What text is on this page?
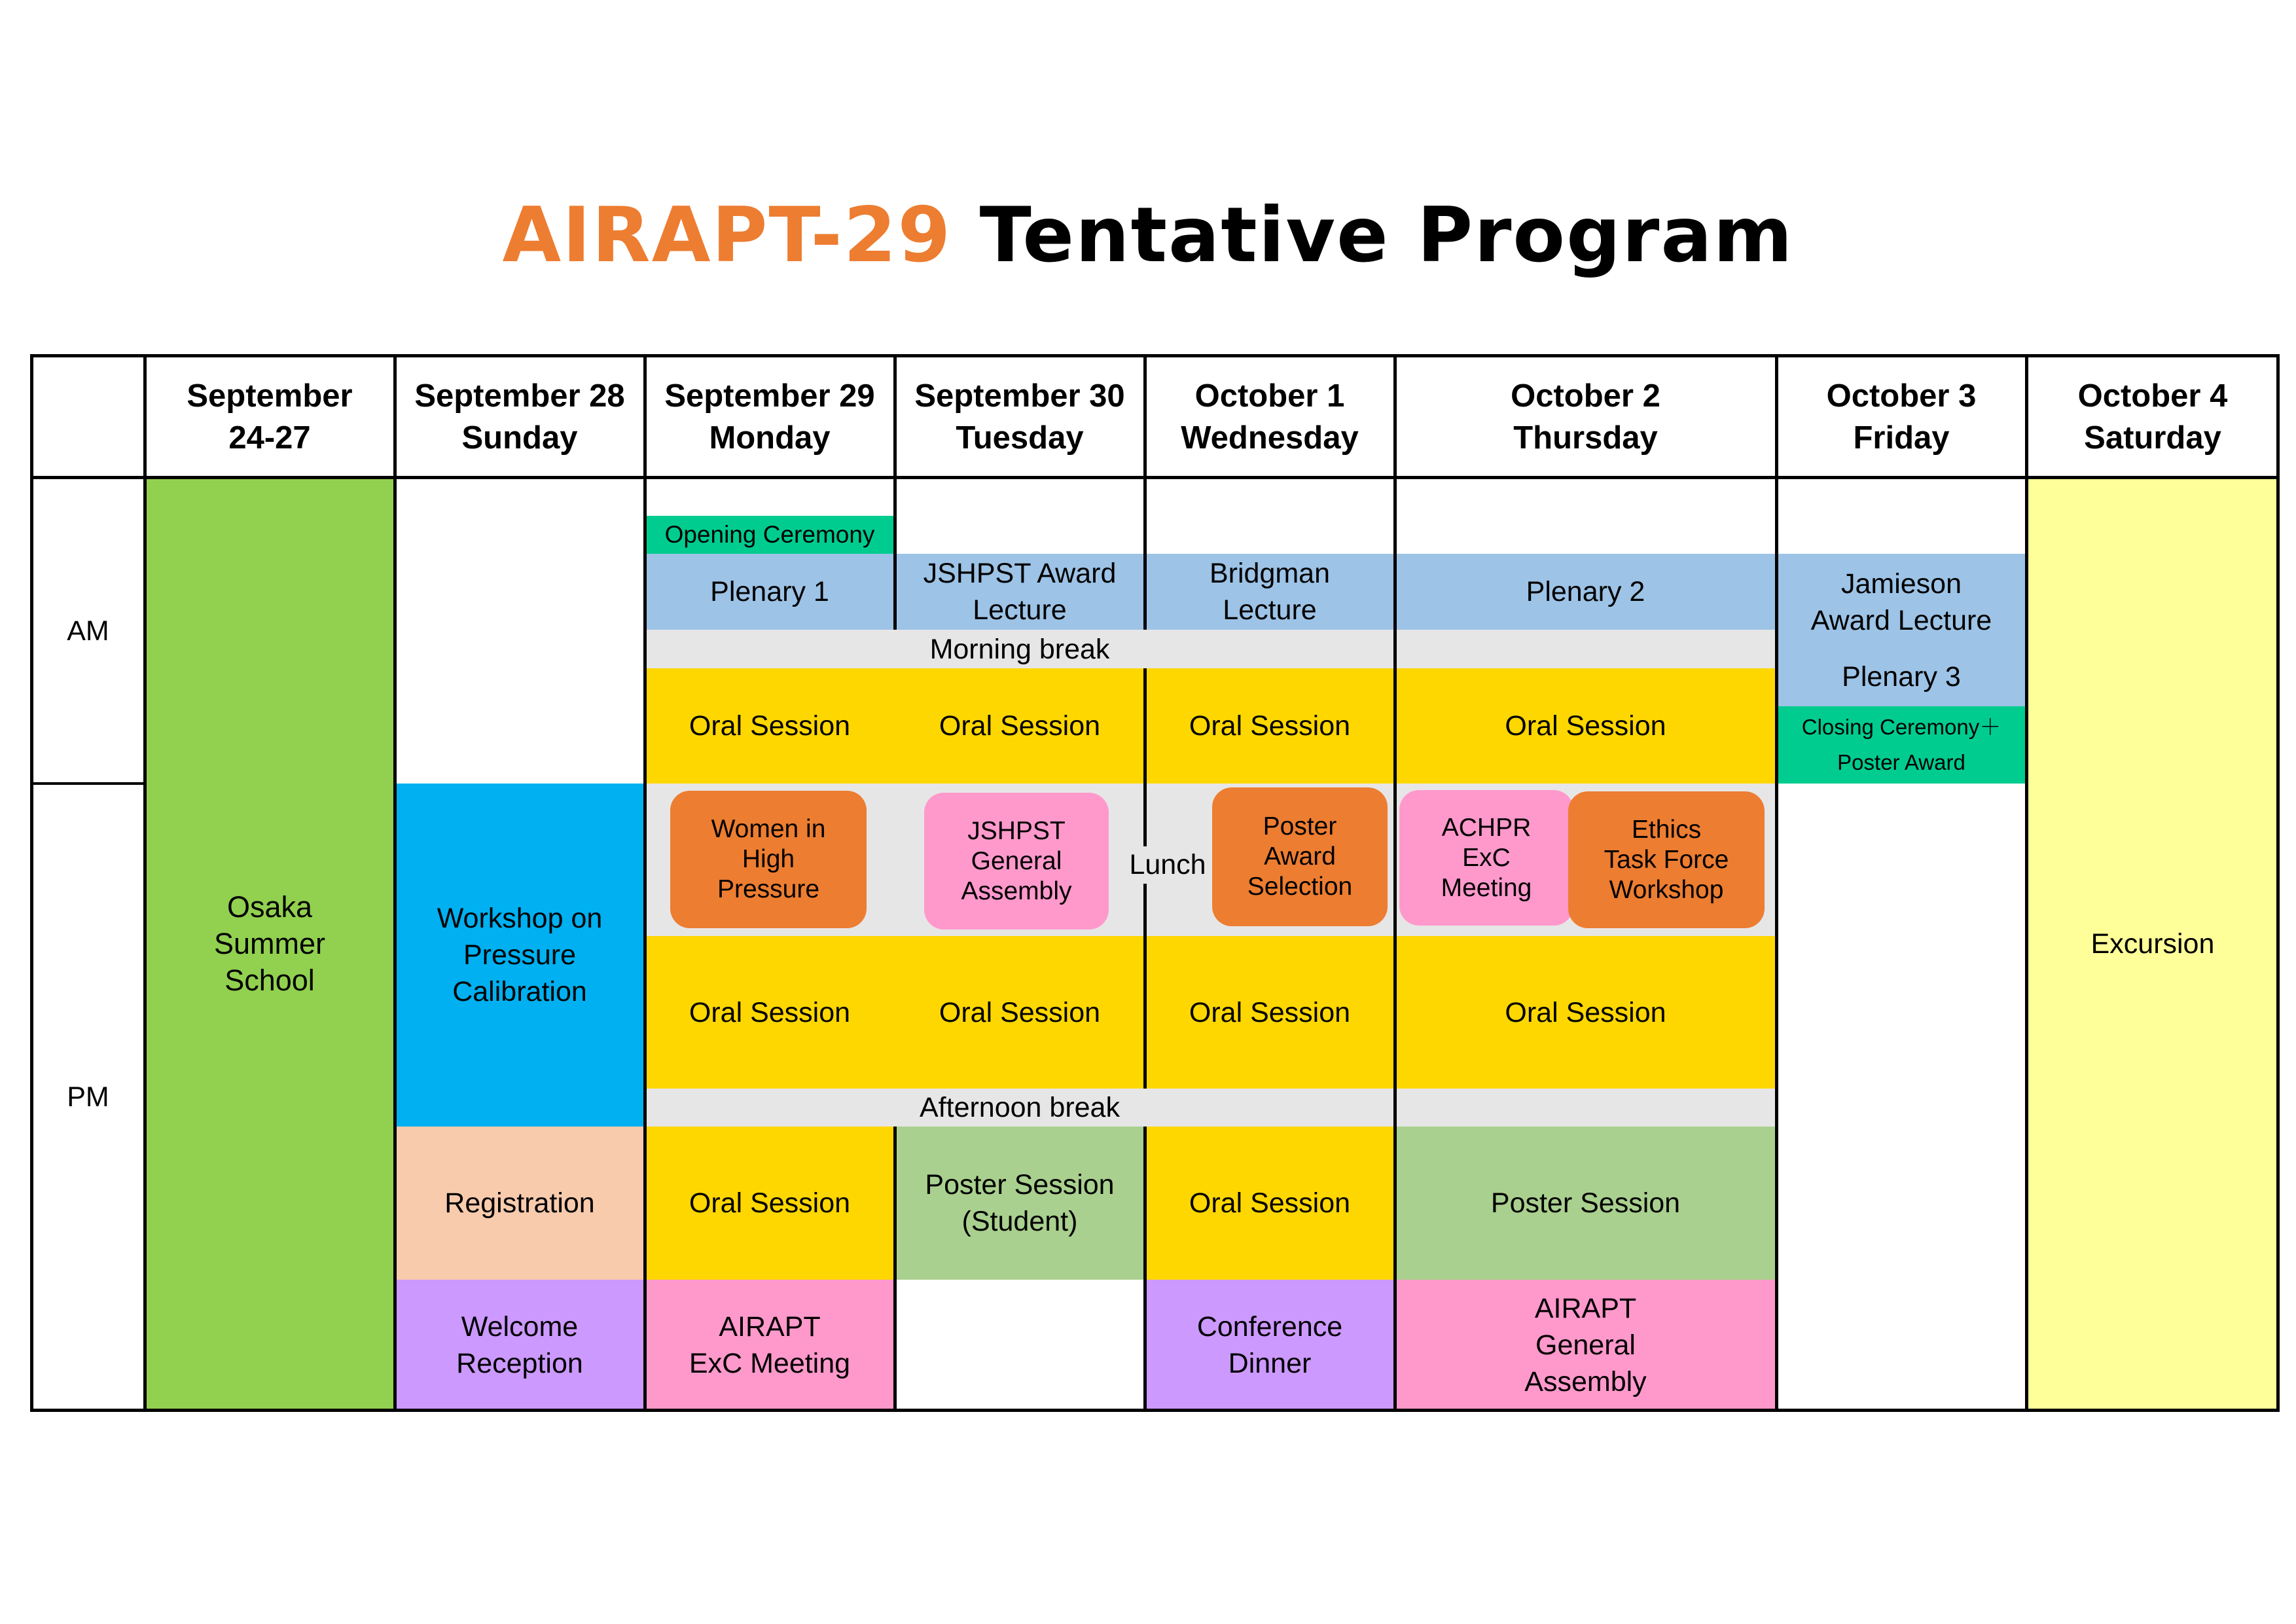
AIRAPT-29 Tentative Program
September
24-27
September 28
Sunday
September 29
Monday
September 30
Tuesday
October 1
Wednesday
October 2
Thursday
October 3
Friday
October 4
Saturday
AM
PM
Osaka
Summer
School
Workshop on
Pressure
Calibration
Registration
Welcome
Reception
Opening Ceremony
Plenary 1
Oral Session
Oral Session
Oral Session
AIRAPT
ExC Meeting
JSHPST Award
Lecture
Oral Session
Oral Session
Poster Session
(Student)
Bridgman
Lecture
Oral Session
Oral Session
Oral Session
Conference
Dinner
Plenary 2
Oral Session
Oral Session
Poster Session
AIRAPT
General
Assembly
Jamieson
Award Lecture
Plenary 3
Closing Ceremony＋
Poster Award
Excursion
Morning break
Afternoon break
Women in
High
Pressure
JSHPST
General
Assembly
Poster
Award
Selection
ACHPR
ExC
Meeting
Ethics
Task Force
Workshop
Lunch
